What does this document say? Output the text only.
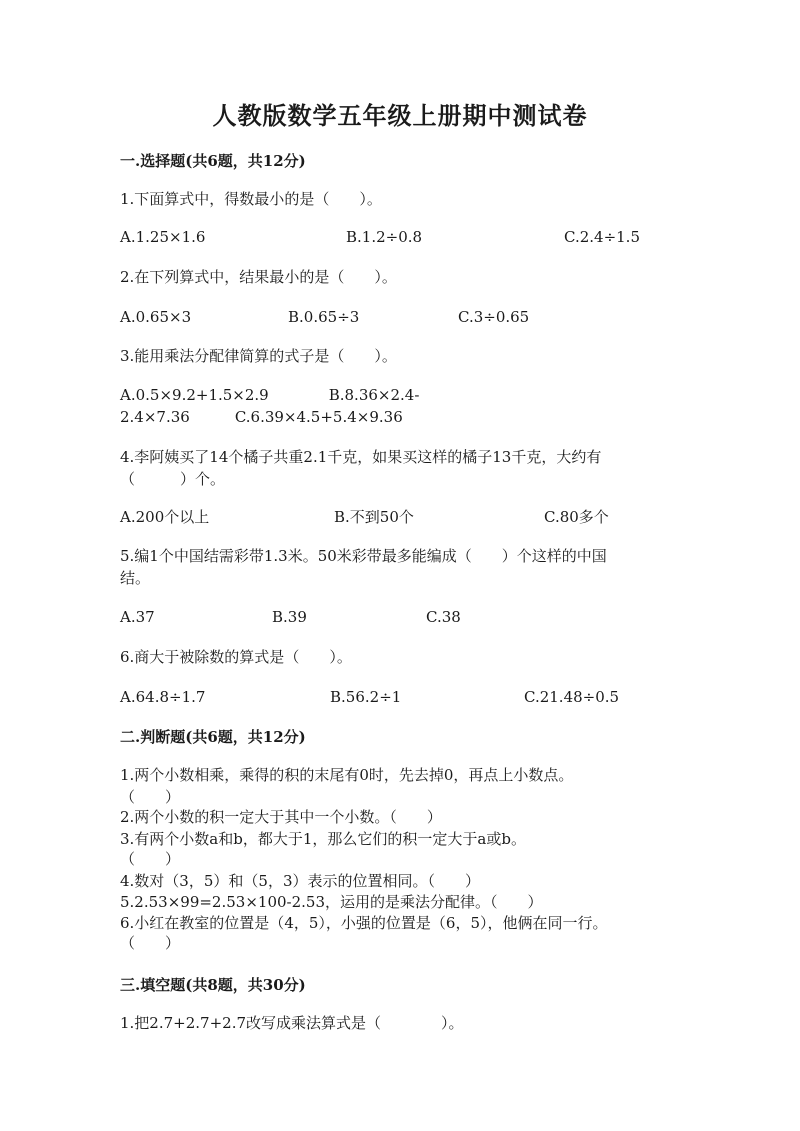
人教版数学五年级上册期中测试卷
一.选择题(共6题，共12分)
1.下面算式中，得数最小的是（　　）。
A.1.25×1.6	B.1.2÷0.8	C.2.4÷1.5
2.在下列算式中，结果最小的是（　　）。
A.0.65×3	B.0.65÷3	C.3÷0.65
3.能用乘法分配律简算的式子是（　　）。
A.0.5×9.2+1.5×2.9　　　　B.8.36×2.4-
2.4×7.36　　　C.6.39×4.5+5.4×9.36
4.李阿姨买了14个橘子共重2.1千克，如果买这样的橘子13千克，大约有
（　　　）个。
A.200个以上	B.不到50个	C.80多个
5.编1个中国结需彩带1.3米。50米彩带最多能编成（　　）个这样的中国
结。
A.37	B.39	C.38
6.商大于被除数的算式是（　　）。
A.64.8÷1.7	B.56.2÷1	C.21.48÷0.5
二.判断题(共6题，共12分)
1.两个小数相乘，乘得的积的末尾有0时，先去掉0，再点上小数点。
（　　）
2.两个小数的积一定大于其中一个小数。（　　）
3.有两个小数a和b，都大于1，那么它们的积一定大于a或b。
（　　）
4.数对（3，5）和（5，3）表示的位置相同。（　　）
5.2.53×99=2.53×100-2.53，运用的是乘法分配律。（　　）
6.小红在教室的位置是（4，5），小强的位置是（6，5），他俩在同一行。
（　　）
三.填空题(共8题，共30分)
1.把2.7+2.7+2.7改写成乘法算式是（　　　　）。
